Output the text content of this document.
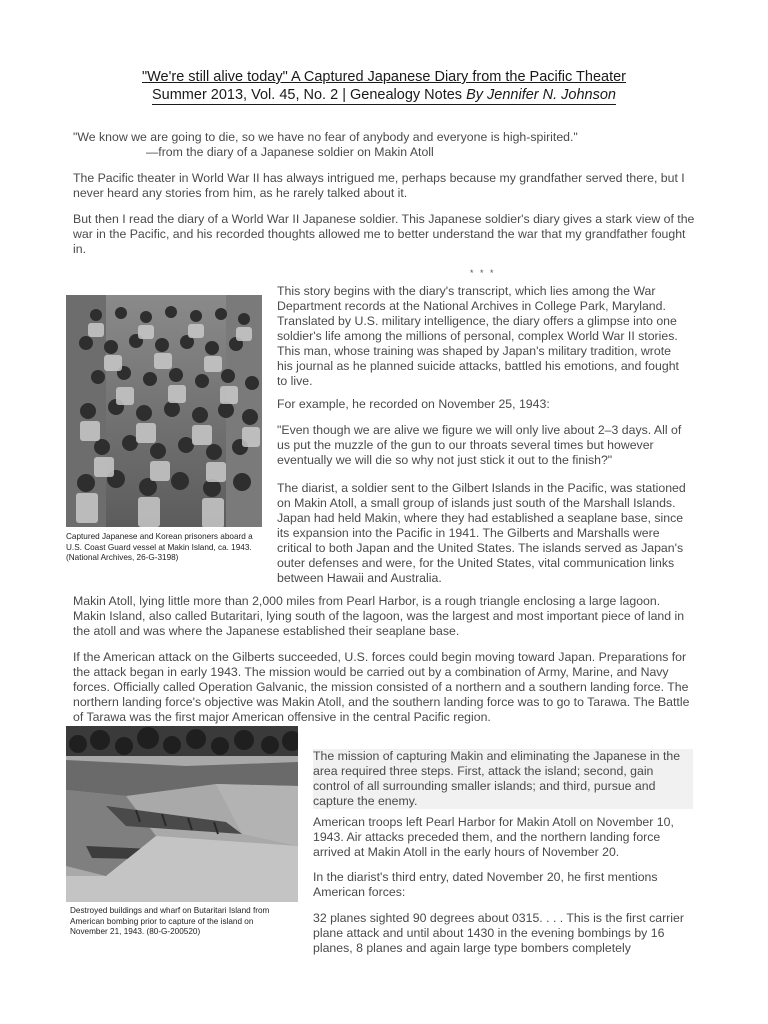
"We're still alive today" A Captured Japanese Diary from the Pacific Theater
Summer 2013, Vol. 45, No. 2 | Genealogy Notes By Jennifer N. Johnson

"We know we are going to die, so we have no fear of anybody and everyone is high-spirited."

—from the diary of a Japanese soldier on Makin Atoll

The Pacific theater in World War II has always intrigued me, perhaps because my grandfather served there, but I never heard any stories from him, as he rarely talked about it.

But then I read the diary of a World War II Japanese soldier. This Japanese soldier's diary gives a stark view of the war in the Pacific, and his recorded thoughts allowed me to better understand the war that my grandfather fought in.

* * *
Captured Japanese and Korean prisoners aboard a U.S. Coast Guard vessel at Makin Island, ca. 1943. (National Archives, 26-G-3198)

This story begins with the diary's transcript, which lies among the War Department records at the National Archives in College Park, Maryland. Translated by U.S. military intelligence, the diary offers a glimpse into one soldier's life among the millions of personal, complex World War II stories. This man, whose training was shaped by Japan's military tradition, wrote his journal as he planned suicide attacks, battled his emotions, and fought to live.

For example, he recorded on November 25, 1943:

"Even though we are alive we figure we will only live about 2–3 days. All of us put the muzzle of the gun to our throats several times but however eventually we will die so why not just stick it out to the finish?"

The diarist, a soldier sent to the Gilbert Islands in the Pacific, was stationed on Makin Atoll, a small group of islands just south of the Marshall Islands. Japan had held Makin, where they had established a seaplane base, since its expansion into the Pacific in 1941. The Gilberts and Marshalls were critical to both Japan and the United States. The islands served as Japan's outer defenses and were, for the United States, vital communication links between Hawaii and Australia.

Makin Atoll, lying little more than 2,000 miles from Pearl Harbor, is a rough triangle enclosing a large lagoon. Makin Island, also called Butaritari, lying south of the lagoon, was the largest and most important piece of land in the atoll and was where the Japanese established their seaplane base.

If the American attack on the Gilberts succeeded, U.S. forces could begin moving toward Japan. Preparations for the attack began in early 1943. The mission would be carried out by a combination of Army, Marine, and Navy forces. Officially called Operation Galvanic, the mission consisted of a northern and a southern landing force. The northern landing force's objective was Makin Atoll, and the southern landing force was to go to Tarawa. The Battle of Tarawa was the first major American offensive in the central Pacific region.

Destroyed buildings and wharf on Butaritari Island from American bombing prior to capture of the island on November 21, 1943. (80-G-200520)

The mission of capturing Makin and eliminating the Japanese in the area required three steps. First, attack the island; second, gain control of all surrounding smaller islands; and third, pursue and capture the enemy.

American troops left Pearl Harbor for Makin Atoll on November 10, 1943. Air attacks preceded them, and the northern landing force arrived at Makin Atoll in the early hours of November 20.

In the diarist's third entry, dated November 20, he first mentions American forces:

32 planes sighted 90 degrees about 0315. . . . This is the first carrier plane attack and until about 1430 in the evening bombings by 16 planes, 8 planes and again large type bombers completely
